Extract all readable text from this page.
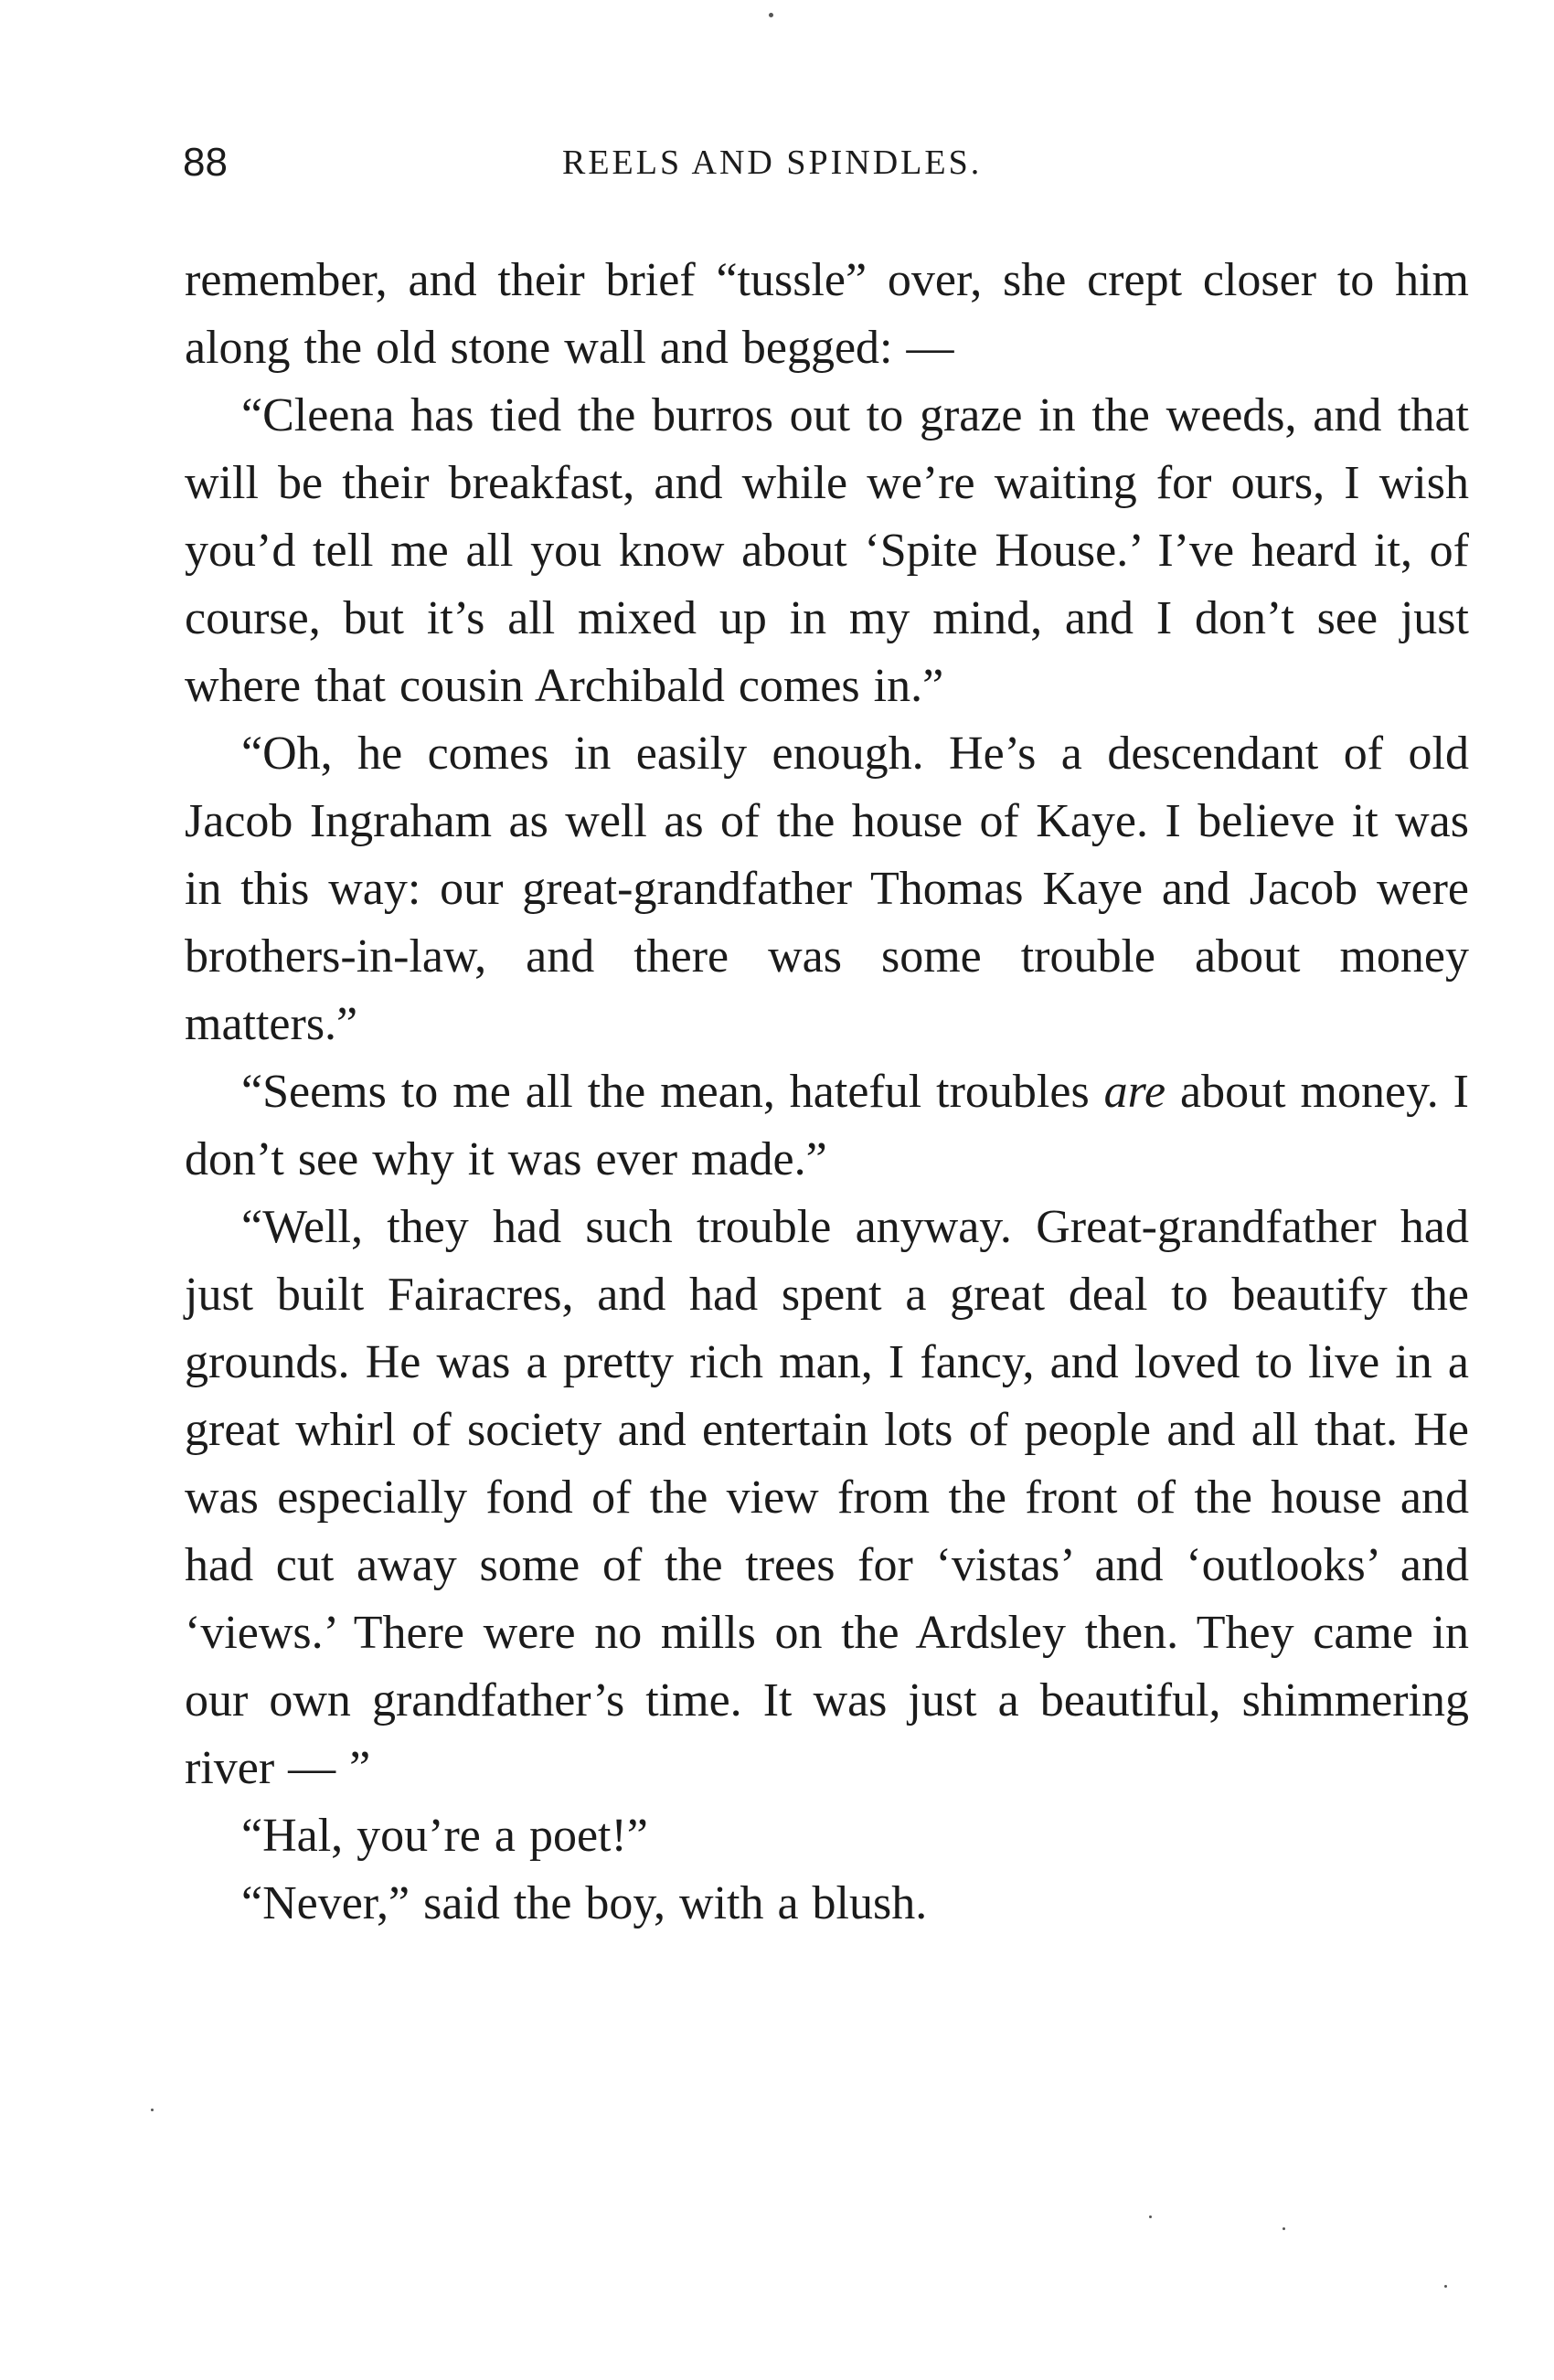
88	REELS AND SPINDLES.

remember, and their brief “tussle” over, she crept closer to him along the old stone wall and begged: —

“Cleena has tied the burros out to graze in the weeds, and that will be their breakfast, and while we’re waiting for ours, I wish you’d tell me all you know about ‘Spite House.’ I’ve heard it, of course, but it’s all mixed up in my mind, and I don’t see just where that cousin Archibald comes in.”

“Oh, he comes in easily enough. He’s a descendant of old Jacob Ingraham as well as of the house of Kaye. I believe it was in this way: our great-grandfather Thomas Kaye and Jacob were brothers-in-law, and there was some trouble about money matters.”

“Seems to me all the mean, hateful troubles are about money. I don’t see why it was ever made.”

“Well, they had such trouble anyway. Great-grandfather had just built Fairacres, and had spent a great deal to beautify the grounds. He was a pretty rich man, I fancy, and loved to live in a great whirl of society and entertain lots of people and all that. He was especially fond of the view from the front of the house and had cut away some of the trees for ‘vistas’ and ‘outlooks’ and ‘views.’ There were no mills on the Ardsley then. They came in our own grandfather’s time. It was just a beautiful, shimmering river — ”

“Hal, you’re a poet!”

“Never,” said the boy, with a blush.
